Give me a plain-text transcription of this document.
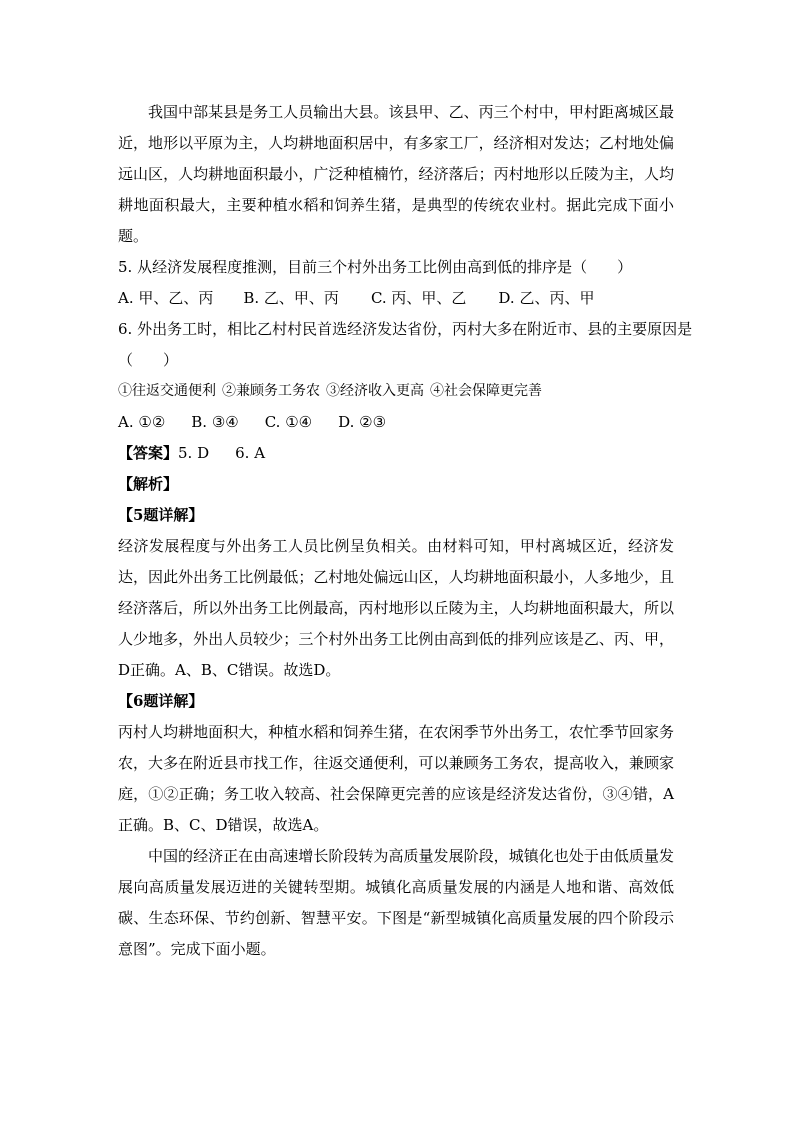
我国中部某县是务工人员输出大县。该县甲、乙、丙三个村中，甲村距离城区最近，地形以平原为主，人均耕地面积居中，有多家工厂，经济相对发达；乙村地处偏远山区，人均耕地面积最小，广泛种植楠竹，经济落后；丙村地形以丘陵为主，人均耕地面积最大，主要种植水稻和饲养生猪，是典型的传统农业村。据此完成下面小题。

5. 从经济发展程度推测，目前三个村外出务工比例由高到低的排序是（　　）

A. 甲、乙、丙 B. 乙、甲、丙 C. 丙、甲、乙 D. 乙、丙、甲

6. 外出务工时，相比乙村村民首选经济发达省份，丙村大多在附近市、县的主要原因是

（　　）

①往返交通便利 ②兼顾务工务农 ③经济收入更高 ④社会保障更完善

A. ①② B. ③④ C. ①④ D. ②③

【答案】5. D 6. A

【解析】

【5题详解】

经济发展程度与外出务工人员比例呈负相关。由材料可知，甲村离城区近，经济发达，因此外出务工比例最低；乙村地处偏远山区，人均耕地面积最小，人多地少，且经济落后，所以外出务工比例最高，丙村地形以丘陵为主，人均耕地面积最大，所以人少地多，外出人员较少；三个村外出务工比例由高到低的排列应该是乙、丙、甲，D正确。A、B、C错误。故选D。

【6题详解】

丙村人均耕地面积大，种植水稻和饲养生猪，在农闲季节外出务工，农忙季节回家务农，大多在附近县市找工作，往返交通便利，可以兼顾务工务农，提高收入，兼顾家庭，①②正确；务工收入较高、社会保障更完善的应该是经济发达省份，③④错，A正确。B、C、D错误，故选A。

中国的经济正在由高速增长阶段转为高质量发展阶段，城镇化也处于由低质量发展向高质量发展迈进的关键转型期。城镇化高质量发展的内涵是人地和谐、高效低碳、生态环保、节约创新、智慧平安。下图是“新型城镇化高质量发展的四个阶段示意图”。完成下面小题。
